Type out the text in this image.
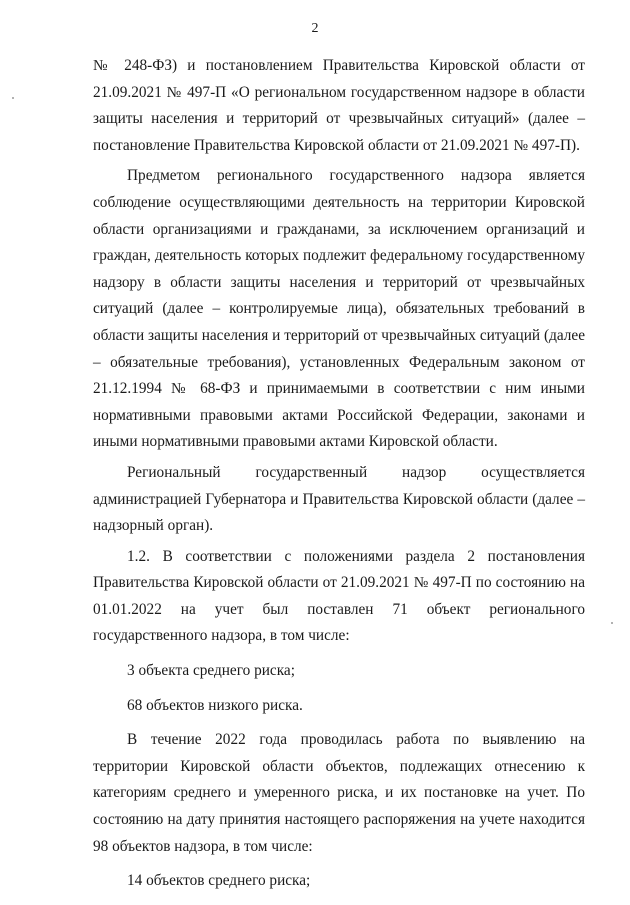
2

№ 248-ФЗ) и постановлением Правительства Кировской области от 21.09.2021 № 497-П «О региональном государственном надзоре в области защиты населения и территорий от чрезвычайных ситуаций» (далее – постановление Правительства Кировской области от 21.09.2021 № 497-П).

Предметом регионального государственного надзора является соблюдение осуществляющими деятельность на территории Кировской области организациями и гражданами, за исключением организаций и граждан, деятельность которых подлежит федеральному государственному надзору в области защиты населения и территорий от чрезвычайных ситуаций (далее – контролируемые лица), обязательных требований в области защиты населения и территорий от чрезвычайных ситуаций (далее – обязательные требования), установленных Федеральным законом от 21.12.1994 № 68-ФЗ и принимаемыми в соответствии с ним иными нормативными правовыми актами Российской Федерации, законами и иными нормативными правовыми актами Кировской области.

Региональный государственный надзор осуществляется администрацией Губернатора и Правительства Кировской области (далее – надзорный орган).

1.2. В соответствии с положениями раздела 2 постановления Правительства Кировской области от 21.09.2021 № 497-П по состоянию на 01.01.2022 на учет был поставлен 71 объект регионального государственного надзора, в том числе:

3 объекта среднего риска;

68 объектов низкого риска.

В течение 2022 года проводилась работа по выявлению на территории Кировской области объектов, подлежащих отнесению к категориям среднего и умеренного риска, и их постановке на учет. По состоянию на дату принятия настоящего распоряжения на учете находится 98 объектов надзора, в том числе:

14 объектов среднего риска;
